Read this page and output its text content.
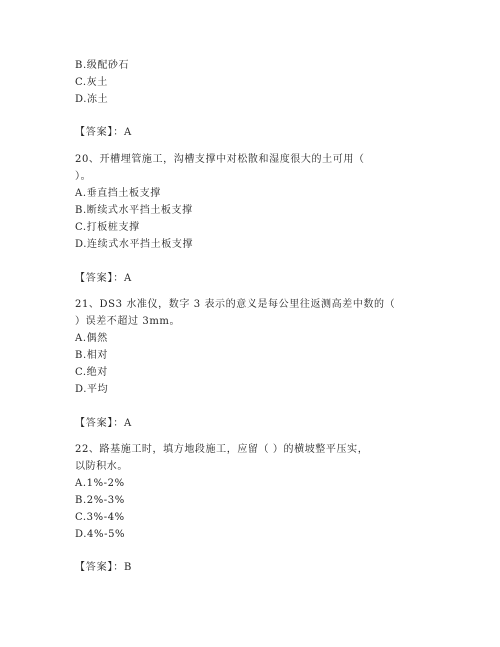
B.级配砂石
C.灰土
D.冻土
【答案】：A
20、开槽埋管施工，沟槽支撑中对松散和湿度很大的土可用（
）。
A.垂直挡土板支撑
B.断续式水平挡土板支撑
C.打板桩支撑
D.连续式水平挡土板支撑
【答案】：A
21、DS3 水准仪，数字 3 表示的意义是每公里往返测高差中数的（
）误差不超过 3mm。
A.偶然
B.相对
C.绝对
D.平均
【答案】：A
22、路基施工时，填方地段施工，应留（ ）的横坡整平压实，
以防积水。
A.1%-2%
B.2%-3%
C.3%-4%
D.4%-5%
【答案】：B
